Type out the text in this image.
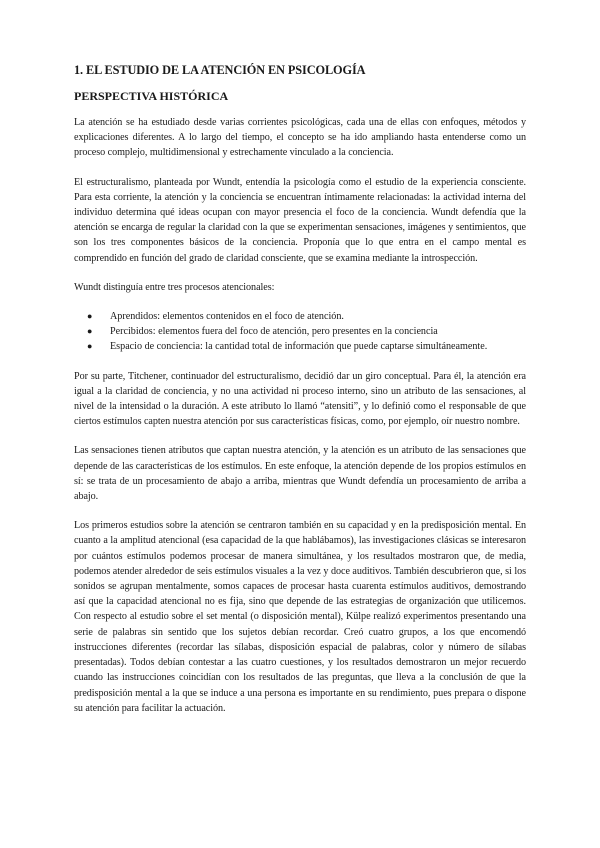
1. EL ESTUDIO DE LA ATENCIÓN EN PSICOLOGÍA
PERSPECTIVA HISTÓRICA

La atención se ha estudiado desde varias corrientes psicológicas, cada una de ellas con enfoques, métodos y explicaciones diferentes. A lo largo del tiempo, el concepto se ha ido ampliando hasta entenderse como un proceso complejo, multidimensional y estrechamente vinculado a la conciencia.

El estructuralismo, planteada por Wundt, entendía la psicología como el estudio de la experiencia consciente. Para esta corriente, la atención y la conciencia se encuentran íntimamente relacionadas: la actividad interna del individuo determina qué ideas ocupan con mayor presencia el foco de la conciencia. Wundt defendía que la atención se encarga de regular la claridad con la que se experimentan sensaciones, imágenes y sentimientos, que son los tres componentes básicos de la conciencia. Proponía que lo que entra en el campo mental es comprendido en función del grado de claridad consciente, que se examina mediante la introspección.

Wundt distinguía entre tres procesos atencionales:

● Aprendidos: elementos contenidos en el foco de atención.
● Percibidos: elementos fuera del foco de atención, pero presentes en la conciencia
● Espacio de conciencia: la cantidad total de información que puede captarse simultáneamente.

Por su parte, Titchener, continuador del estructuralismo, decidió dar un giro conceptual. Para él, la atención era igual a la claridad de conciencia, y no una actividad ni proceso interno, sino un atributo de las sensaciones, al nivel de la intensidad o la duración. A este atributo lo llamó “atensiti”, y lo definió como el responsable de que ciertos estímulos capten nuestra atención por sus características físicas, como, por ejemplo, oír nuestro nombre.

Las sensaciones tienen atributos que captan nuestra atención, y la atención es un atributo de las sensaciones que depende de las características de los estímulos. En este enfoque, la atención depende de los propios estímulos en sí: se trata de un procesamiento de abajo a arriba, mientras que Wundt defendía un procesamiento de arriba a abajo.

Los primeros estudios sobre la atención se centraron también en su capacidad y en la predisposición mental. En cuanto a la amplitud atencional (esa capacidad de la que hablábamos), las investigaciones clásicas se interesaron por cuántos estímulos podemos procesar de manera simultánea, y los resultados mostraron que, de media, podemos atender alrededor de seis estímulos visuales a la vez y doce auditivos. También descubrieron que, si los sonidos se agrupan mentalmente, somos capaces de procesar hasta cuarenta estímulos auditivos, demostrando así que la capacidad atencional no es fija, sino que depende de las estrategias de organización que utilicemos. Con respecto al estudio sobre el set mental (o disposición mental), Külpe realizó experimentos presentando una serie de palabras sin sentido que los sujetos debían recordar. Creó cuatro grupos, a los que encomendó instrucciones diferentes (recordar las sílabas, disposición espacial de palabras, color y número de sílabas presentadas). Todos debían contestar a las cuatro cuestiones, y los resultados demostraron un mejor recuerdo cuando las instrucciones coincidían con los resultados de las preguntas, que lleva a la conclusión de que la predisposición mental a la que se induce a una persona es importante en su rendimiento, pues prepara o dispone su atención para facilitar la actuación.
